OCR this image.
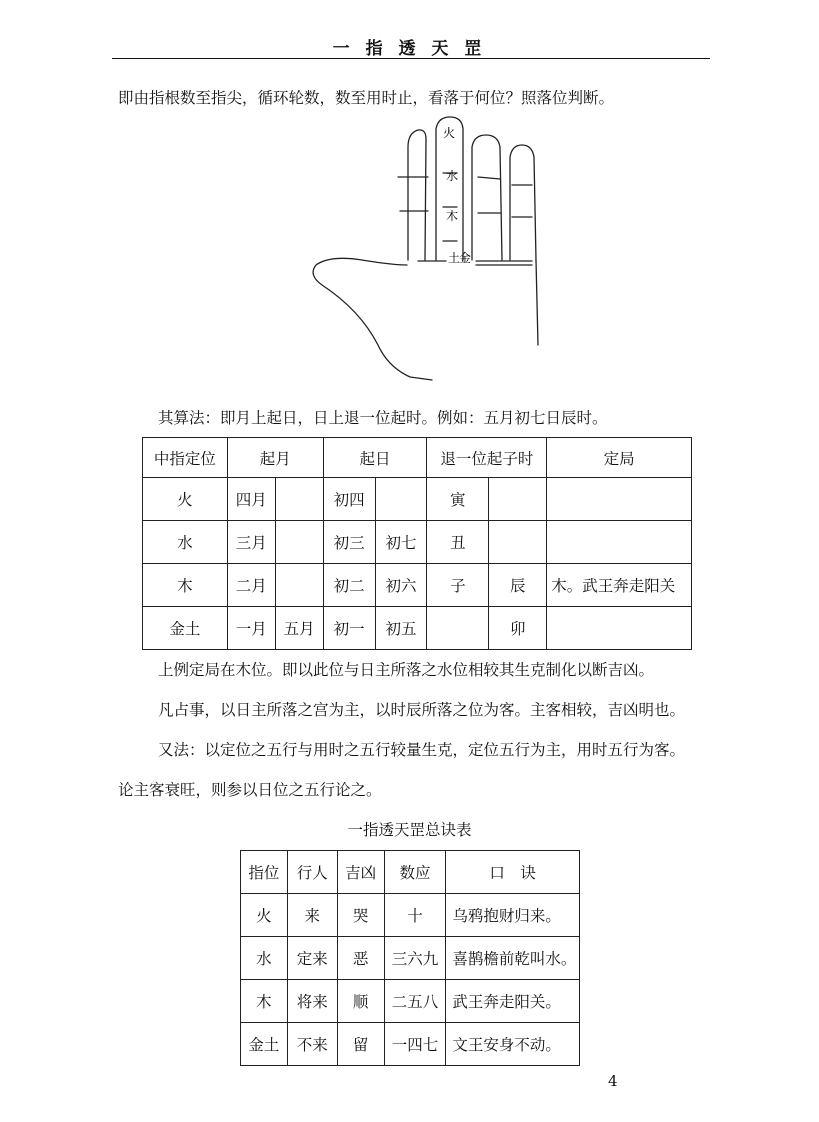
一 指 透 天 罡
即由指根数至指尖，循环轮数，数至用时止，看落于何位？照落位判断。
火
水
木
土
金
其算法：即月上起日，日上退一位起时。例如：五月初七日辰时。
中指定位	起月		起日		退一位起子时		定局
火	四月		初四		寅		
水	三月		初三	初七	丑		
木	二月		初二	初六	子	辰	木。武王奔走阳关
金土	一月	五月	初一	初五		卯	
上例定局在木位。即以此位与日主所落之水位相较其生克制化以断吉凶。
凡占事，以日主所落之宫为主，以时辰所落之位为客。主客相较，吉凶明也。
又法：以定位之五行与用时之五行较量生克，定位五行为主，用时五行为客。
论主客衰旺，则参以日位之五行论之。
一指透天罡总诀表
指位	行人	吉凶	数应	口　诀
火	来	哭	十	乌鸦抱财归来。
水	定来	恶	三六九	喜鹊檐前乾叫水。
木	将来	顺	二五八	武王奔走阳关。
金土	不来	留	一四七	文王安身不动。
4
